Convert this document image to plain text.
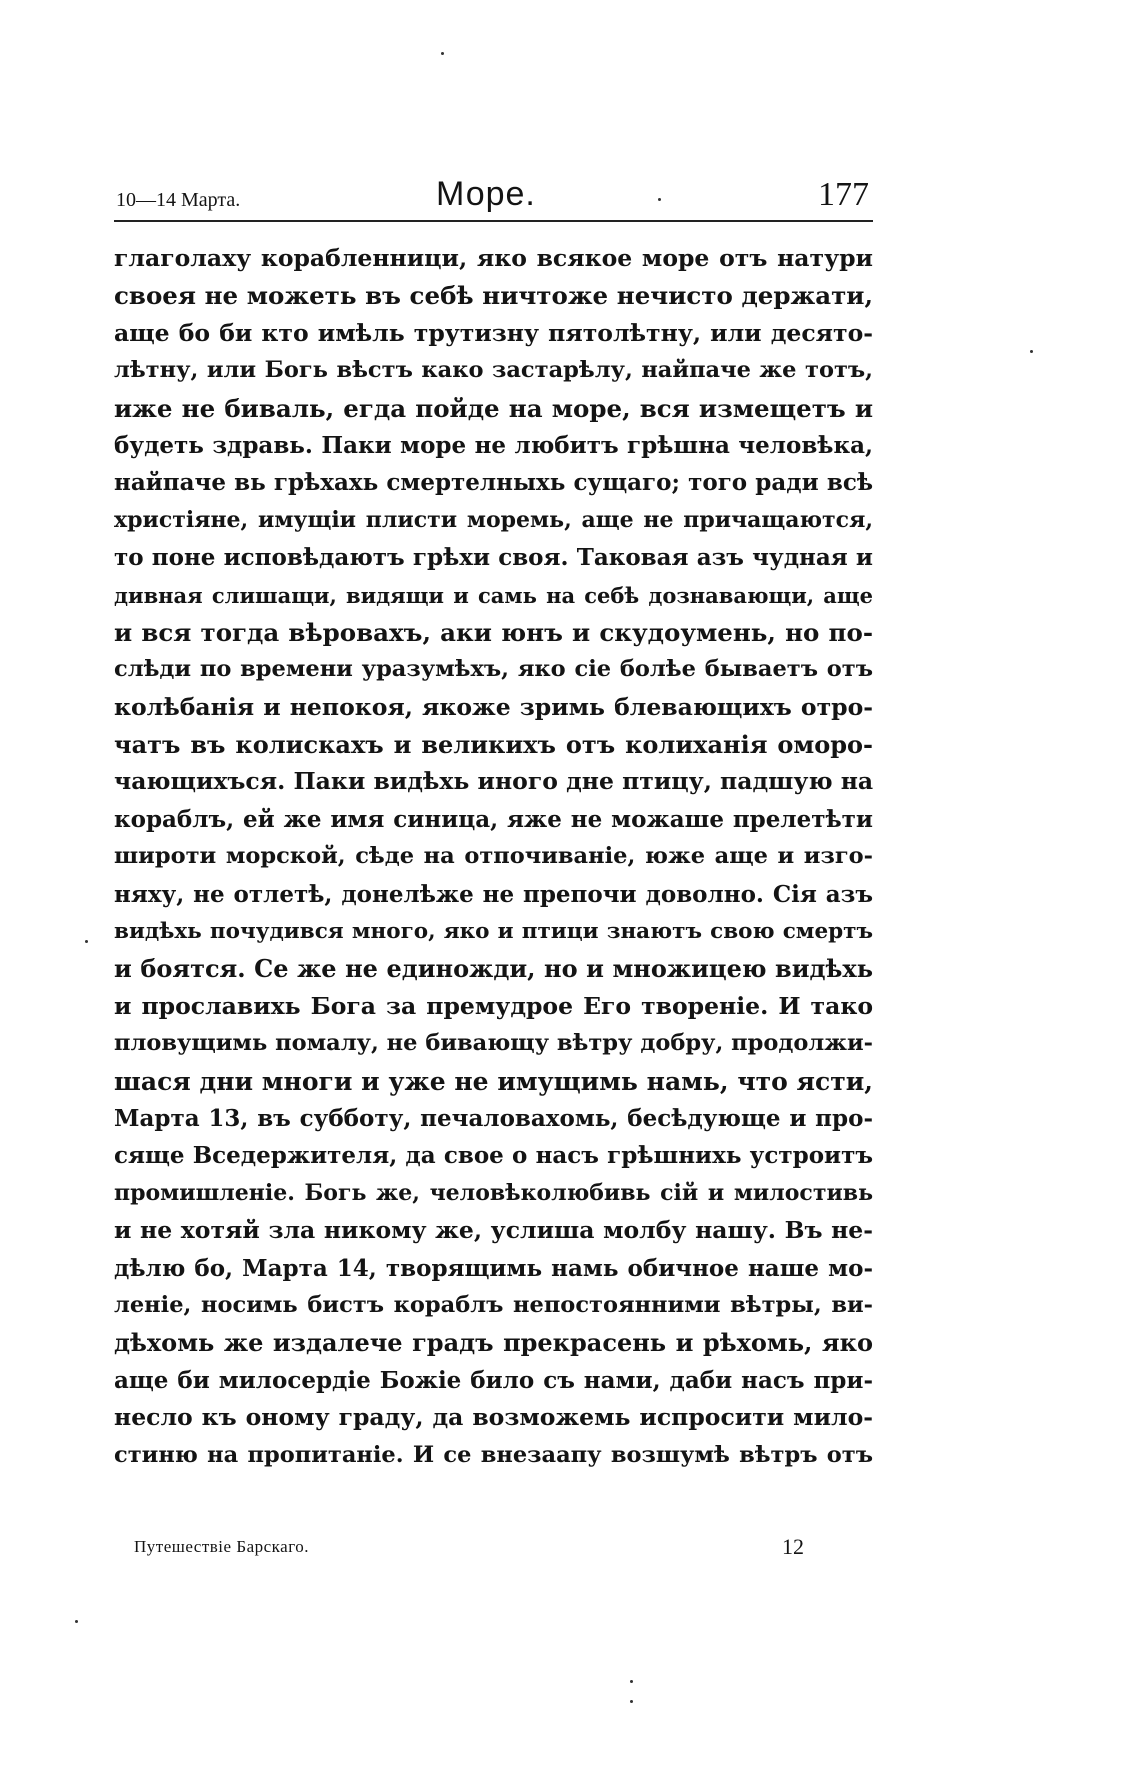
10—14 Марта.	Море.	177
глаголаху корабленници, яко всякое море отъ натури
своея не можеть въ себѣ ничтоже нечисто держати,
аще бо би кто имѣль трутизну пятолѣтну, или десято-
лѣтну, или Богь вѣстъ како застарѣлу, найпаче же тотъ,
иже не биваль, егда пойде на море, вся измещетъ и
будеть здравь. Паки море не любитъ грѣшна человѣка,
найпаче вь грѣхахь смертелныхь сущаго; того ради всѣ
христіяне, имущіи плисти моремь, аще не причащаются,
то поне исповѣдаютъ грѣхи своя. Таковая азъ чудная и
дивная слишащи, видящи и самь на себѣ дознавающи, аще
и вся тогда вѣровахъ, аки юнъ и скудоумень, но по-
слѣди по времени уразумѣхъ, яко сіе болѣе бываетъ отъ
колѣбанія и непокоя, якоже зримь блевающихъ отро-
чатъ въ колискахъ и великихъ отъ колиханія оморо-
чающихъся. Паки видѣхь иного дне птицу, падшую на
кораблъ, ей же имя синица, яже не можаше прелетѣти
широти морской, сѣде на отпочиваніе, юже аще и изго-
няху, не отлетѣ, донелѣже не препочи доволно. Сія азъ
видѣхь почудився много, яко и птици знаютъ свою смертъ
и боятся. Се же не единожди, но и множицею видѣхь
и прославихь Бога за премудрое Его твореніе. И тако
пловущимь помалу, не бивающу вѣтру добру, продолжи-
шася дни многи и уже не имущимь намь, что ясти,
Марта 13, въ субботу, печаловахомь, бесѣдующе и про-
сяще Вседержителя, да свое о насъ грѣшнихь устроитъ
промишленіе. Богь же, человѣколюбивь сій и милостивь
и не хотяй зла никому же, услиша молбу нашу. Въ не-
дѣлю бо, Марта 14, творящимь намь обичное наше мо-
леніе, носимь бистъ кораблъ непостоянними вѣтры, ви-
дѣхомь же издалече градъ прекрасень и рѣхомь, яко
аще би милосердіе Божіе било съ нами, даби насъ при-
несло къ оному граду, да возможемь испросити мило-
стиню на пропитаніе. И се внезаапу возшумѣ вѣтръ отъ
Путешествіе Барскаго.	12
